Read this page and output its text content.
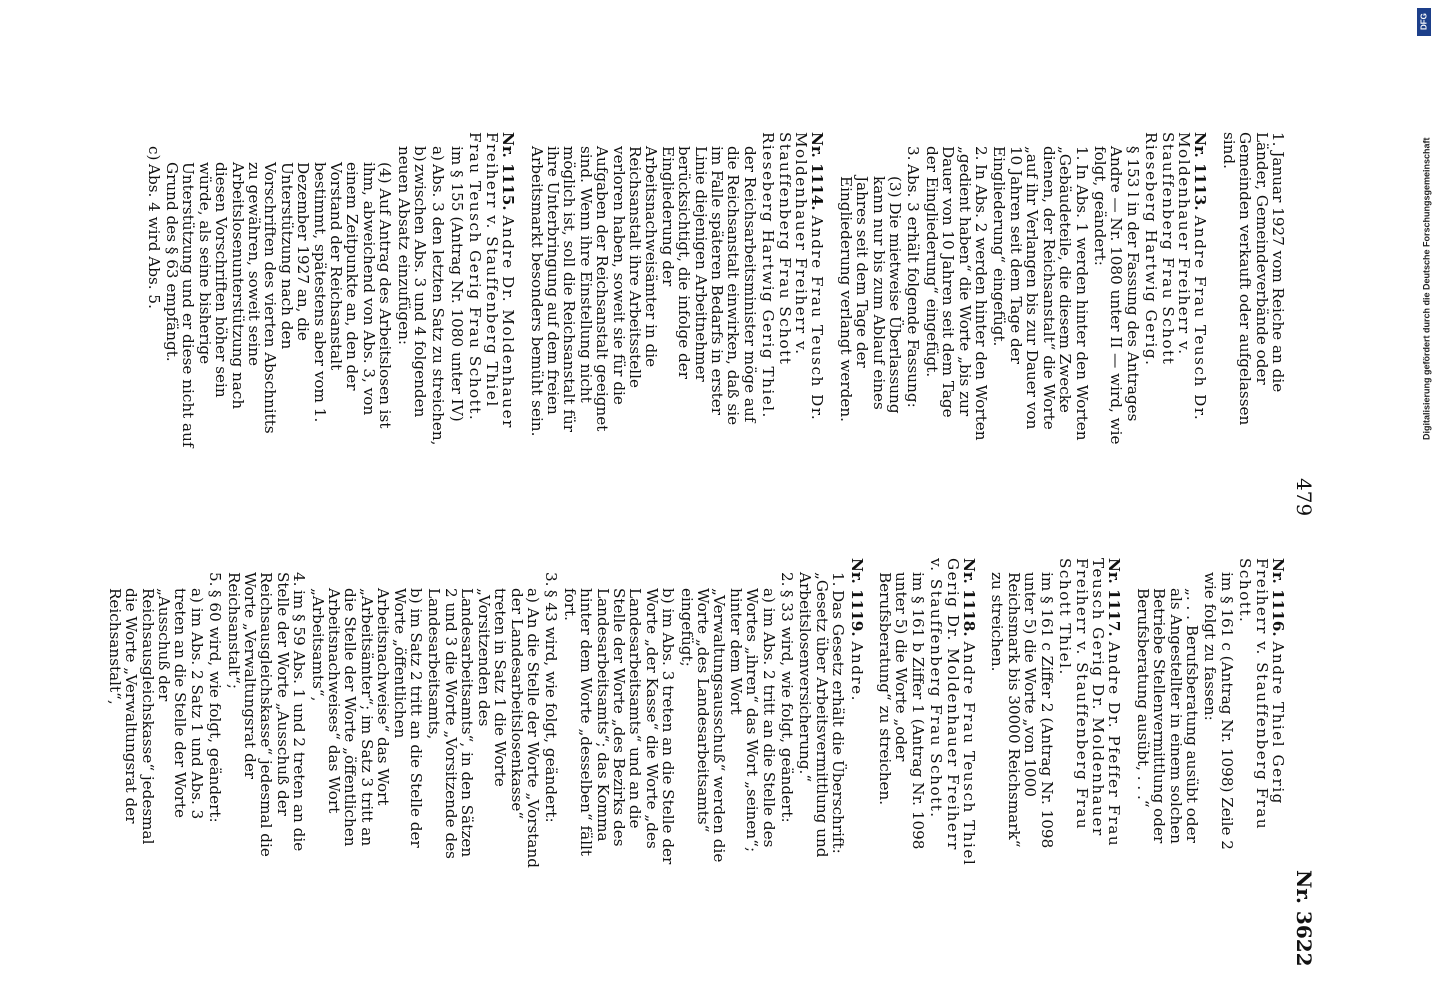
479
Nr. 3622

1. Januar 1927 vom Reiche an die Länder, Gemeindeverbände oder Gemeinden verkauft oder aufgelassen sind.

Nr. 1113. Andre Frau Teusch Dr. Moldenhauer Freiherr v. Stauffenberg Frau Schott Rieseberg Hartwig Gerig.

§ 153 l in der Fassung des Antrages Andre — Nr. 1080 unter II — wird, wie folgt, geändert:

1.In Abs. 1 werden hinter den Worten „Gebäudeteile, die diesem Zwecke dienen, der Reichsanstalt“ die Worte „auf ihr Verlangen bis zur Dauer von 10 Jahren seit dem Tage der Eingliederung“ eingefügt.

2.In Abs. 2 werden hinter den Worten „gedient haben“ die Worte „bis zur Dauer von 10 Jahren seit dem Tage der Eingliederung“ eingefügt.

3.Abs. 3 erhält folgende Fassung:

(3) Die mietweise Überlassung kann nur bis zum Ablauf eines Jahres seit dem Tage der Eingliederung verlangt werden.

Nr. 1114. Andre Frau Teusch Dr. Moldenhauer Freiherr v. Stauffenberg Frau Schott Rieseberg Hartwig Gerig Thiel.

der Reichsarbeitsminister möge auf die Reichsanstalt einwirken, daß sie im Falle späteren Bedarfs in erster Linie diejenigen Arbeitnehmer berücksichtigt, die infolge der Eingliederung der Arbeitsnachweisämter in die Reichsanstalt ihre Arbeitsstelle verloren haben, soweit sie für die Aufgaben der Reichsanstalt geeignet sind. Wenn ihre Einstellung nicht möglich ist, soll die Reichsanstalt für ihre Unterbringung auf dem freien Arbeitsmarkt besonders bemüht sein.

Nr. 1115. Andre Dr. Moldenhauer Freiherr v. Stauffenberg Thiel Frau Teusch Gerig Frau Schott.

im § 155 (Antrag Nr. 1080 unter IV)

a)Abs. 3 den letzten Satz zu streichen,

b)zwischen Abs. 3 und 4 folgenden neuen Absatz einzufügen:

(4) Auf Antrag des Arbeitslosen ist ihm, abweichend von Abs. 3, von einem Zeitpunkte an, den der Vorstand der Reichsanstalt bestimmt, spätestens aber vom 1. Dezember 1927 an, die Unterstützung nach den Vorschriften des vierten Abschnitts zu gewähren, soweit seine Arbeitslosenunterstützung nach diesen Vorschriften höher sein würde, als seine bisherige Unterstützung und er diese nicht auf Grund des § 63 empfängt.

c)Abs. 4 wird Abs. 5.

Nr. 1116. Andre Thiel Gerig Freiherr v. Stauffenberg Frau Schott.

im § 161 c (Antrag Nr. 1098) Zeile 2 wie folgt zu fassen:

„. . . Berufsberatung ausübt oder als Angestellter in einem solchen Betriebe Stellenvermittlung oder Berufsberatung ausübt, . . .“

Nr. 1117. Andre Dr. Pfeffer Frau Teusch Gerig Dr. Moldenhauer Freiherr v. Stauffenberg Frau Schott Thiel.

im § 161 c Ziffer 2 (Antrag Nr. 1098 unter 5) die Worte „von 1000 Reichsmark bis 30000 Reichsmark“ zu streichen.

Nr. 1118. Andre Frau Teusch Thiel Gerig Dr. Moldenhauer Freiherr v. Stauffenberg Frau Schott.

im § 161 b Ziffer 1 (Antrag Nr. 1098 unter 5) die Worte „oder Berufsberatung“ zu streichen.

Nr. 1119. Andre.

1.Das Gesetz erhält die Überschrift: „Gesetz über Arbeitsvermittlung und Arbeitslosenversicherung.“

2.§ 33 wird, wie folgt, geändert:

a) im Abs. 2 tritt an die Stelle des Wortes „ihren“ das Wort „seinen“; hinter dem Wort „Verwaltungsausschuß“ werden die Worte „des Landesarbeitsamts“ eingefügt;

b) im Abs. 3 treten an die Stelle der Worte „der Kasse“ die Worte „des Landesarbeitsamts“ und an die Stelle der Worte „des Bezirks des Landesarbeitsamts“; das Komma hinter dem Worte „desselben“ fällt fort.

3.§ 43 wird, wie folgt, geändert:

a) An die Stelle der Worte „Vorstand der Landesarbeitslosenkasse“ treten in Satz 1 die Worte „Vorsitzenden des Landesarbeitsamts“, in den Sätzen 2 und 3 die Worte „Vorsitzende des Landesarbeitsamts,

b) im Satz 2 tritt an die Stelle der Worte „öffentlichen Arbeitsnachweise“ das Wort „Arbeitsämter“; im Satz 3 tritt an die Stelle der Worte „öffentlichen Arbeitsnachweises“ das Wort „Arbeitsamts“,

4.im § 59 Abs. 1 und 2 treten an die Stelle der Worte „Ausschuß der Reichsausgleichskasse“ jedesmal die Worte „Verwaltungsrat der Reichsanstalt“;

5.§ 60 wird, wie folgt, geändert:

a) im Abs. 2 Satz 1 und Abs. 3 treten an die Stelle der Worte „Ausschuß der Reichsausgleichskasse“ jedesmal die Worte „Verwaltungsrat der Reichsanstalt“,

DFG
Digitalisierung gefördert durch die Deutsche Forschungsgemeinschaft
